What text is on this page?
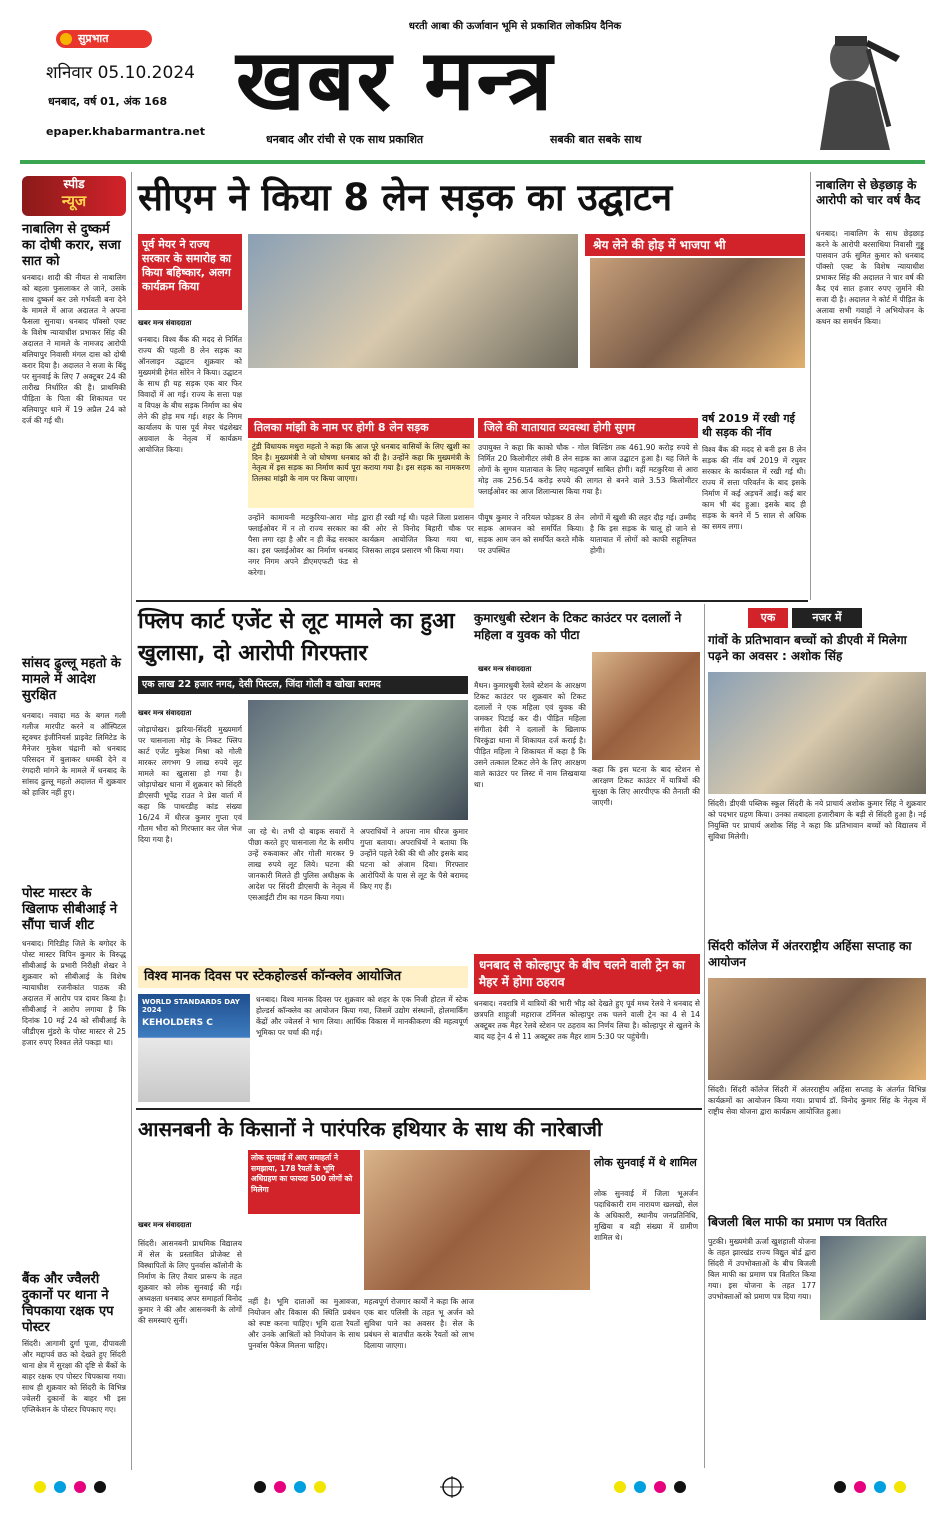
सुप्रभात
धरती आबा की ऊर्जावान भूमि से प्रकाशित लोकप्रिय दैनिक
शनिवार 05.10.2024
धनबाद, वर्ष 01, अंक 168
epaper.khabarmantra.net
खबर मन्त्र
धनबाद और रांची से एक साथ प्रकाशित	सबकी बात सबके साथ
स्पीड
न्यूज
नाबालिग से दुष्कर्म का दोषी करार, सजा सात को
धनबाद। शादी की नीयत से नाबालिग को बहला फुसलाकर ले जाने, उसके साथ दुष्कर्म कर उसे गर्भवती बना देने के मामले में आज अदालत ने अपना फैसला सुनाया। धनबाद पॉक्सो एक्ट के विशेष न्यायाधीश प्रभाकर सिंह की अदालत ने मामले के नामजद आरोपी बलियापुर निवासी मंगल दास को दोषी करार दिया है। अदालत ने सजा के बिंदु पर सुनवाई के लिए 7 अक्टूबर 24 की तारीख निर्धारित की है। प्राथमिकी पीड़िता के पिता की शिकायत पर बलियापुर थाने में 19 अप्रैल 24 को दर्ज की गई थी।
सांसद ढुल्लू महतो के मामले में आदेश सुरक्षित
धनबाद। नवादा मठ के बगल गली गलीज मारपीट करने व ऑस्पिटल स्ट्रक्चर इंजीनियर्स प्राइवेट लिमिटेड के मैनेजर मुकेश चंद्रानी को धनबाद परिसदन में बुलाकर धमकी देने व रंगदारी मांगने के मामले में धनबाद के सांसद ढुल्लू महतो अदालत में शुक्रवार को हाजिर नहीं हुए।
पोस्ट मास्टर के खिलाफ सीबीआई ने सौंपा चार्ज शीट
धनबाद। गिरिडीह जिले के बगोदर के पोस्ट मास्टर विपिन कुमार के विरुद्ध सीबीआई के प्रभारी निरीक्षी शेखर ने शुक्रवार को सीबीआई के विशेष न्यायाधीश रजनीकांत पाठक की अदालत में आरोप पत्र दायर किया है। सीबीआई ने आरोप लगाया है कि दिनांक 10 मई 24 को सीबीआई के जीडीएस मुंडरो के पोस्ट मास्टर से 25 हजार रुपए रिश्वत लेते पकड़ा था।
बैंक और ज्वैलरी दुकानों पर थाना ने चिपकाया रक्षक एप पोस्टर
सिंदरी। आगामी दुर्गा पूजा, दीपावली और मद्दापर्व छठ को देखते हुए सिंदरी थाना क्षेत्र में सुरक्षा की दृष्टि से बैंकों के बाहर रक्षक एप पोस्टर चिपकाया गया। साथ ही शुक्रवार को सिंदरी के विभिन्न ज्वेलरी दुकानों के बाहर भी इस एप्लिकेशन के पोस्टर चिपकाए गए।
सीएम ने किया 8 लेन सड़क का उद्घाटन
पूर्व मेयर ने राज्य सरकार के समारोह का किया बहिष्कार, अलग कार्यक्रम किया
श्रेय लेने की होड़ में भाजपा भी
खबर मन्त्र संवाददाता
धनबाद। विश्व बैंक की मदद से निर्मित राज्य की पहली 8 लेन सड़क का ऑनलाइन उद्घाटन शुक्रवार को मुख्यमंत्री हेमंत सोरेन ने किया। उद्घाटन के साथ ही यह सड़क एक बार फिर विवादों में आ गई। राज्य के सत्ता पक्ष व विपक्ष के बीच सड़क निर्माण का श्रेय लेने की होड़ मच गई। शहर के निगम कार्यालय के पास पूर्व मेयर चंद्रशेखर अग्रवाल के नेतृत्व में कार्यक्रम आयोजित किया।
तिलका मांझी के नाम पर होगी 8 लेन सड़क
टुंडी विधायक मथुरा महतो ने कहा कि आज पूरे धनबाद वासियों के लिए खुशी का दिन है। मुख्यमंत्री ने जो घोषणा धनबाद को दी है। उन्होंने कहा कि मुख्यमंत्री के नेतृत्व में इस सड़क का निर्माण कार्य पूरा कराया गया है। इस सड़क का नामकरण तिलका मांझी के नाम पर किया जाएगा।
जिले की यातायात व्यवस्था होगी सुगम
उपायुक्त ने कहा कि काको चौक - गोल बिल्डिंग तक 461.90 करोड़ रुपये से निर्मित 20 किलोमीटर लंबी 8 लेन सड़क का आज उद्घाटन हुआ है। यह जिले के लोगों के सुगम यातायात के लिए महत्वपूर्ण साबित होगी। वहीं मटकुरिया से आरा मोड़ तक 256.54 करोड़ रुपये की लागत से बनने वाले 3.53 किलोमीटर फ्लाईओवर का आज शिलान्यास किया गया है।
उन्होंने कामायनी मटकुरिया-आरा मोड़ फ्लाईओवर में न तो राज्य सरकार का पैसा लगा रहा है और न ही केंद्र सरकार का। इस फ्लाईओवर का निर्माण धनबाद नगर निगम अपने डीएमएफटी फंड से करेगा।
द्वारा ही रखी गई थी। पहले जिला प्रशासन की ओर से विनोद बिहारी चौक पर कार्यक्रम आयोजित किया गया था, जिसका लाइव प्रसारण भी किया गया।
पीयूष कुमार ने नरियल फोड़कर 8 लेन सड़क आमजन को समर्पित किया। सड़क आम जन को समर्पित करते मौके पर उपस्थित
लोगों में खुशी की लहर दौड़ गई। उम्मीद है कि इस सड़क के चालू हो जाने से यातायात में लोगों को काफी सहूलियत होगी।
वर्ष 2019 में रखी गई थी सड़क की नींव
विश्व बैंक की मदद से बनी इस 8 लेन सड़क की नींव वर्ष 2019 में रघुवर सरकार के कार्यकाल में रखी गई थी। राज्य में सत्ता परिवर्तन के बाद इसके निर्माण में कई अड़चनें आईं। कई बार काम भी बंद हुआ। इसके बाद ही सड़क के बनने में 5 साल से अधिक का समय लगा।
नाबालिग से छेड़छाड़ के आरोपी को चार वर्ष कैद
धनबाद। नाबालिग के साथ छेड़छाड़ करने के आरोपी बरसाथिया निवासी गुड्डू पासवान उर्फ सुमित कुमार को धनबाद पॉक्सो एक्ट के विशेष न्यायाधीश प्रभाकर सिंह की अदालत ने चार वर्ष की कैद एवं सात हजार रुपए जुर्माने की सजा दी है। अदालत ने कोर्ट में पीड़ित के अलावा सभी गवाहों ने अभियोजन के कथन का समर्थन किया।
फ्लिप कार्ट एजेंट से लूट मामले का हुआ खुलासा, दो आरोपी गिरफ्तार
एक लाख 22 हजार नगद, देसी पिस्टल, जिंदा गोली व खोखा बरामद
खबर मन्त्र संवाददाता
जोड़ापोखर। झरिया-सिंदरी मुख्यमार्ग पर चासनाला मोड़ के निकट फ्लिप कार्ट एजेंट मुकेश मिश्रा को गोली मारकर लगभग 9 लाख रुपये लूट मामले का खुलासा हो गया है। जोड़ापोखर थाना में शुक्रवार को सिंदरी डीएसपी भूपेंद्र राउत ने प्रेस वार्ता में कहा कि पाथरडीह कांड संख्या 16/24 में धीरज कुमार गुप्ता एवं गौतम भौरा को गिरफ्तार कर जेल भेज दिया गया है।
जा रहे थे। तभी दो बाइक सवारों ने पीछा करते हुए चासनाला गेट के समीप उन्हें रुकवाकर और गोली मारकर 9 लाख रुपये लूट लिये। घटना की जानकारी मिलते ही पुलिस अधीक्षक के आदेश पर सिंदरी डीएसपी के नेतृत्व में एसआईटी टीम का गठन किया गया।
अपराधियों ने अपना नाम धीरज कुमार गुप्ता बताया। अपराधियों ने बताया कि उन्होंने पहले रेकी की थी और इसके बाद घटना को अंजाम दिया। गिरफ्तार आरोपियों के पास से लूट के पैसे बरामद किए गए हैं।
कुमारधुबी स्टेशन के टिकट काउंटर पर दलालों ने महिला व युवक को पीटा
खबर मन्त्र संवाददाता
मैथन। कुमारधुबी रेलवे स्टेशन के आरक्षण टिकट काउंटर पर शुक्रवार को टिकट दलालों ने एक महिला एवं युवक की जमकर पिटाई कर दी। पीड़ित महिला संगीता देवी ने दलालों के खिलाफ चिरकुंडा थाना में शिकायत दर्ज कराई है। पीड़ित महिला ने शिकायत में कहा है कि उसने तत्काल टिकट लेने के लिए आरक्षण वाले काउंटर पर लिस्ट में नाम लिखवाया था।
कहा कि इस घटना के बाद स्टेशन से आरक्षण टिकट काउंटर में यात्रियों की सुरक्षा के लिए आरपीएफ की तैनाती की जाएगी।
एक	नजर में
गांवों के प्रतिभावान बच्चों को डीएवी में मिलेगा पढ़ने का अवसर : अशोक सिंह
सिंदरी। डीएवी पब्लिक स्कूल सिंदरी के नये प्राचार्य अशोक कुमार सिंह ने शुक्रवार को पदभार ग्रहण किया। उनका तबादला हजारीबाग के बड़ी से सिंदरी हुआ है। नई नियुक्ति पर प्राचार्य अशोक सिंह ने कहा कि प्रतिभावान बच्चों को विद्यालय में सुविधा मिलेगी।
सिंदरी कॉलेज में अंतरराष्ट्रीय अहिंसा सप्ताह का आयोजन
सिंदरी। सिंदरी कॉलेज सिंदरी में अंतरराष्ट्रीय अहिंसा सप्ताह के अंतर्गत विभिन्न कार्यक्रमों का आयोजन किया गया। प्राचार्य डॉ. विनोद कुमार सिंह के नेतृत्व में राष्ट्रीय सेवा योजना द्वारा कार्यक्रम आयोजित हुआ।
बिजली बिल माफी का प्रमाण पत्र वितरित
पुटकी। मुख्यमंत्री ऊर्जा खुशहाली योजना के तहत झारखंड राज्य विद्युत बोर्ड द्वारा सिंदरी में उपभोक्ताओं के बीच बिजली बिल माफी का प्रमाण पत्र वितरित किया गया। इस योजना के तहत 177 उपभोक्ताओं को प्रमाण पत्र दिया गया।
विश्व मानक दिवस पर स्टेकहोल्डर्स कॉन्क्लेव आयोजित
WORLD STANDARDS DAY 2024
KEHOLDERS C
धनबाद। विश्व मानक दिवस पर शुक्रवार को शहर के एक निजी होटल में स्टेक होल्डर्स कॉन्क्लेव का आयोजन किया गया, जिसमें उद्योग संस्थानों, होलमार्किंग केंद्रों और ज्वेलर्स ने भाग लिया। आर्थिक विकास में मानकीकरण की महत्वपूर्ण भूमिका पर चर्चा की गई।
धनबाद से कोल्हापुर के बीच चलने वाली ट्रेन का मैहर में होगा ठहराव
धनबाद। नवरात्रि में यात्रियों की भारी भीड़ को देखते हुए पूर्व मध्य रेलवे ने धनबाद से छत्रपति शाहूजी महाराज टर्मिनल कोल्हापुर तक चलने वाली ट्रेन का 4 से 14 अक्टूबर तक मैहर रेलवे स्टेशन पर ठहराव का निर्णय लिया है। कोल्हापुर से खुलने के बाद यह ट्रेन 4 से 11 अक्टूबर तक मैहर शाम 5:30 पर पहुंचेगी।
आसनबनी के किसानों ने पारंपरिक हथियार के साथ की नारेबाजी
लोक सुनवाई में आए समाहर्ता ने समझाया, 178 रैयतों के भूमि अधिग्रहण का फायदा 500 लोगों को मिलेगा
खबर मन्त्र संवाददाता
सिंदरी। आसनबनी प्राथमिक विद्यालय में सेल के प्रस्तावित प्रोजेक्ट से विस्थापितों के लिए पुनर्वास कॉलोनी के निर्माण के लिए तैयार प्रारूप के तहत शुक्रवार को लोक सुनवाई की गई। अध्यक्षता धनबाद अपर समाहर्ता विनोद कुमार ने की और आसनबनी के लोगों की समस्याएं सुनीं।
नहीं है। भूमि दाताओं का मुआवजा, नियोजन और विकास की स्थिति प्रबंधन को स्पष्ट करना चाहिए। भूमि दाता रैयतों और उनके आश्रितों को नियोजन के साथ पुनर्वास पैकेज मिलना चाहिए।
महत्वपूर्ण रोजगार कार्यों ने कहा कि आज एक बार पलिसी के तहत भू अर्जन को सुविधा पाने का अवसर है। सेल के प्रबंधन से बातचीत करके रैयतों को लाभ दिलाया जाएगा।
लोक सुनवाई में थे शामिल
लोक सुनवाई में जिला भूअर्जन पदाधिकारी राम नारायण खलखो, सेल के अधिकारी, स्थानीय जनप्रतिनिधि, मुखिया व बड़ी संख्या में ग्रामीण शामिल थे।
